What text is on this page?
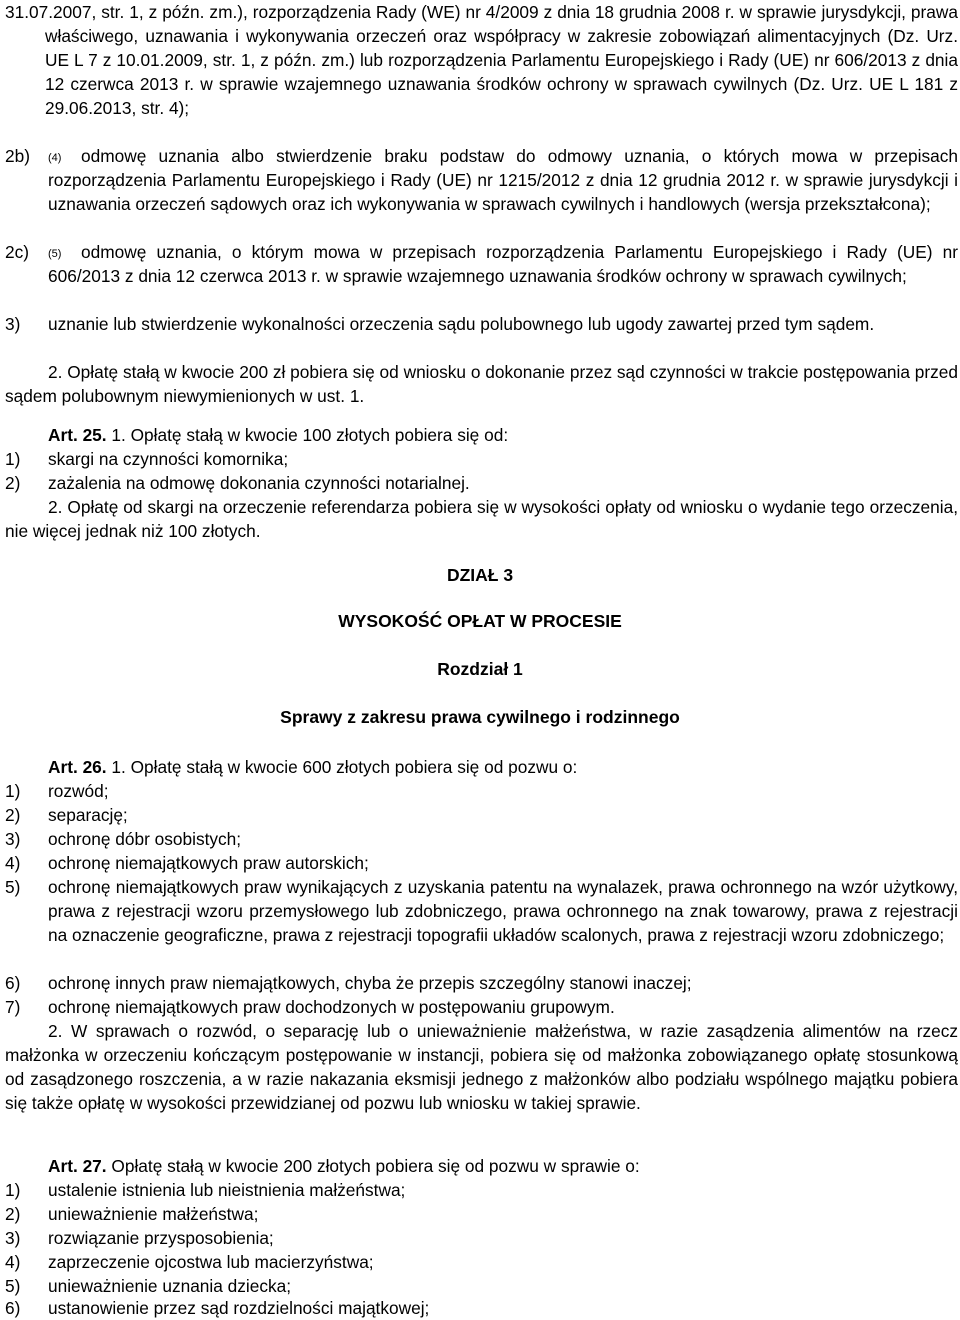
31.07.2007, str. 1, z późn. zm.), rozporządzenia Rady (WE) nr 4/2009 z dnia 18 grudnia 2008 r. w sprawie jurysdykcji, prawa właściwego, uznawania i wykonywania orzeczeń oraz współpracy w zakresie zobowiązań alimentacyjnych (Dz. Urz. UE L 7 z 10.01.2009, str. 1, z późn. zm.) lub rozporządzenia Parlamentu Europejskiego i Rady (UE) nr 606/2013 z dnia 12 czerwca 2013 r. w sprawie wzajemnego uznawania środków ochrony w sprawach cywilnych (Dz. Urz. UE L 181 z 29.06.2013, str. 4);
2b)	(4) odmowę uznania albo stwierdzenie braku podstaw do odmowy uznania, o których mowa w przepisach rozporządzenia Parlamentu Europejskiego i Rady (UE) nr 1215/2012 z dnia 12 grudnia 2012 r. w sprawie jurysdykcji i uznawania orzeczeń sądowych oraz ich wykonywania w sprawach cywilnych i handlowych (wersja przekształcona);
2c)	(5) odmowę uznania, o którym mowa w przepisach rozporządzenia Parlamentu Europejskiego i Rady (UE) nr 606/2013 z dnia 12 czerwca 2013 r. w sprawie wzajemnego uznawania środków ochrony w sprawach cywilnych;
3)	uznanie lub stwierdzenie wykonalności orzeczenia sądu polubownego lub ugody zawartej przed tym sądem.
2. Opłatę stałą w kwocie 200 zł pobiera się od wniosku o dokonanie przez sąd czynności w trakcie postępowania przed sądem polubownym niewymienionych w ust. 1.
Art. 25. 1. Opłatę stałą w kwocie 100 złotych pobiera się od:
1)	skargi na czynności komornika;
2)	zażalenia na odmowę dokonania czynności notarialnej.
2. Opłatę od skargi na orzeczenie referendarza pobiera się w wysokości opłaty od wniosku o wydanie tego orzeczenia, nie więcej jednak niż 100 złotych.
DZIAŁ 3
WYSOKOŚĆ OPŁAT W PROCESIE
Rozdział 1
Sprawy z zakresu prawa cywilnego i rodzinnego
Art. 26. 1. Opłatę stałą w kwocie 600 złotych pobiera się od pozwu o:
1)	rozwód;
2)	separację;
3)	ochronę dóbr osobistych;
4)	ochronę niemajątkowych praw autorskich;
5)	ochronę niemajątkowych praw wynikających z uzyskania patentu na wynalazek, prawa ochronnego na wzór użytkowy, prawa z rejestracji wzoru przemysłowego lub zdobniczego, prawa ochronnego na znak towarowy, prawa z rejestracji na oznaczenie geograficzne, prawa z rejestracji topografii układów scalonych, prawa z rejestracji wzoru zdobniczego;
6)	ochronę innych praw niemajątkowych, chyba że przepis szczególny stanowi inaczej;
7)	ochronę niemajątkowych praw dochodzonych w postępowaniu grupowym.
2. W sprawach o rozwód, o separację lub o unieważnienie małżeństwa, w razie zasądzenia alimentów na rzecz małżonka w orzeczeniu kończącym postępowanie w instancji, pobiera się od małżonka zobowiązanego opłatę stosunkową od zasądzonego roszczenia, a w razie nakazania eksmisji jednego z małżonków albo podziału wspólnego majątku pobiera się także opłatę w wysokości przewidzianej od pozwu lub wniosku w takiej sprawie.
Art. 27. Opłatę stałą w kwocie 200 złotych pobiera się od pozwu w sprawie o:
1)	ustalenie istnienia lub nieistnienia małżeństwa;
2)	unieważnienie małżeństwa;
3)	rozwiązanie przysposobienia;
4)	zaprzeczenie ojcostwa lub macierzyństwa;
5)	unieważnienie uznania dziecka;
6)	ustanowienie przez sąd rozdzielności majątkowej;
